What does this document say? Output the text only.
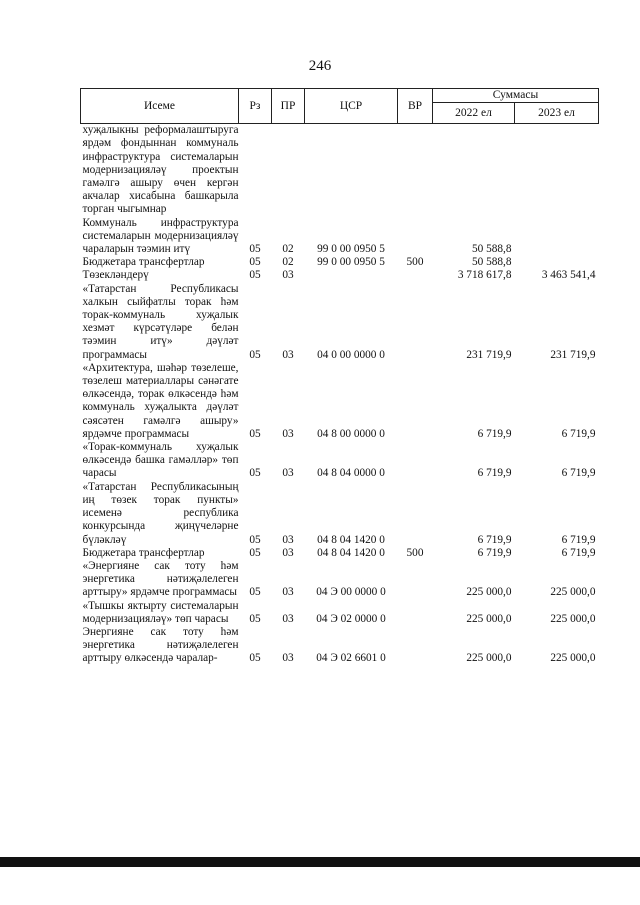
246
Исеме	Рз	ПР	ЦСР	ВР	Суммасы	
					2022 ел	2023 ел
хуҗалыкны реформалаштыруга ярдәм фондыннан коммуналь инфраструктура системаларын модернизацияләү проектын гамәлгә ашыру өчен кергән акчалар хисабына башкарыла торган чыгымнар						
Коммуналь инфраструктура системаларын модернизацияләү чараларын тәэмин итү	05	02	99 0 00 0950 5		50 588,8	
Бюджетара трансфертлар	05	02	99 0 00 0950 5	500	50 588,8	
Төзекләндерү	05	03			3 718 617,8	3 463 541,4
«Татарстан Республикасы халкын сыйфатлы торак һәм торак-коммуналь хуҗалык хезмәт күрсәтүләре белән тәэмин итү» дәүләт программасы	05	03	04 0 00 0000 0		231 719,9	231 719,9
«Архитектура, шәһәр төзелеше, төзелеш материаллары сәнәгате өлкәсендә, торак өлкәсендә һәм коммуналь хуҗалыкта дәүләт сәясәтен гамәлгә ашыру» ярдәмче программасы	05	03	04 8 00 0000 0		6 719,9	6 719,9
«Торак-коммуналь хуҗалык өлкәсендә башка гамәлләр» төп чарасы	05	03	04 8 04 0000 0		6 719,9	6 719,9
«Татарстан Республикасының иң төзек торак пункты» исеменә республика конкурсында җиңүчеләрне бүләкләү	05	03	04 8 04 1420 0		6 719,9	6 719,9
Бюджетара трансфертлар	05	03	04 8 04 1420 0	500	6 719,9	6 719,9
«Энергияне сак тоту һәм энергетика нәтиҗәлелеген арттыру» ярдәмче программасы	05	03	04 Э 00 0000 0		225 000,0	225 000,0
«Тышкы яктырту системаларын модернизацияләү» төп чарасы	05	03	04 Э 02 0000 0		225 000,0	225 000,0
Энергияне сак тоту һәм энергетика нәтиҗәлелеген арттыру өлкәсендә чаралар-	05	03	04 Э 02 6601 0		225 000,0	225 000,0
